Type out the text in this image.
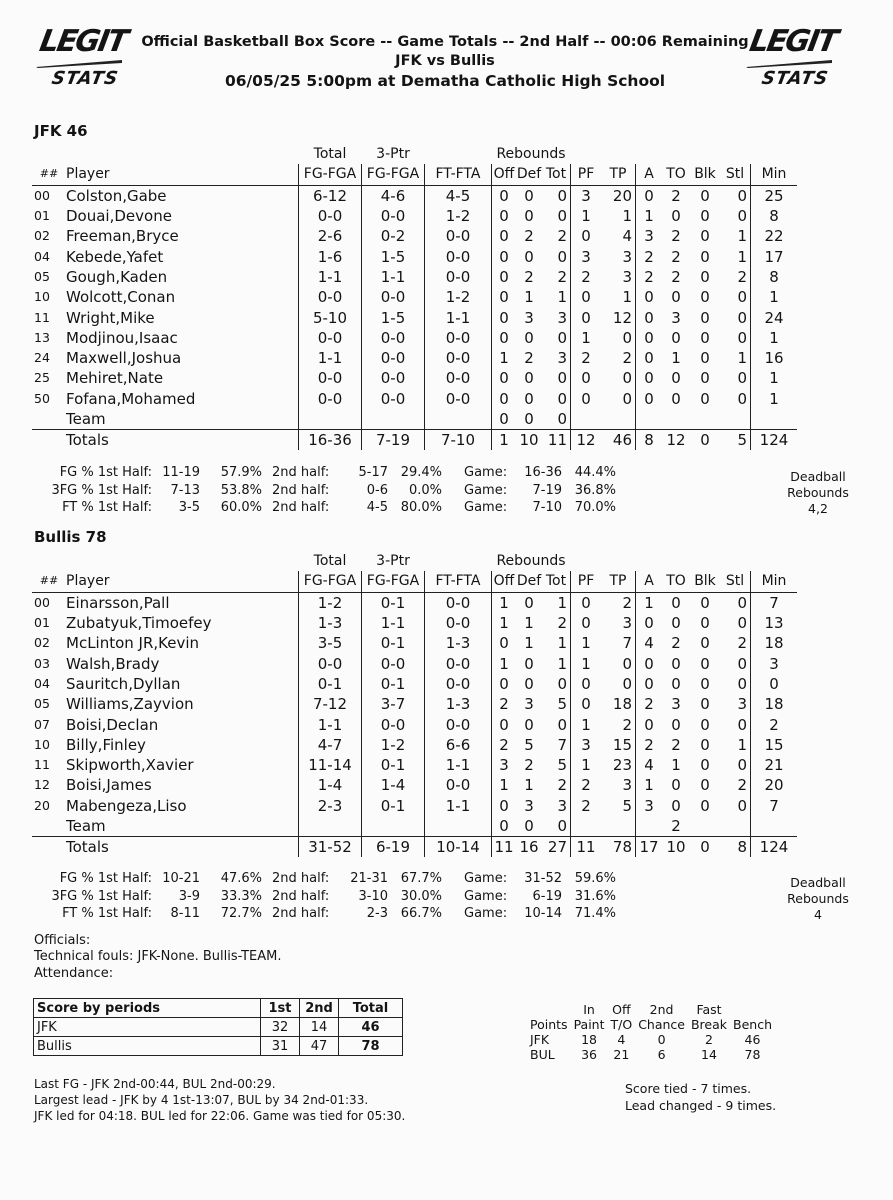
LEGIT
STATS
LEGIT
STATS
Official Basketball Box Score -- Game Totals -- 2nd Half -- 00:06 Remaining
JFK vs Bullis
06/05/25 5:00pm at Dematha Catholic High School
JFK 46
		Total	3-Ptr		Rebounds									
##	Player	FG-FGA	FG-FGA	FT-FTA	Off	Def	Tot	PF	TP	A	TO	Blk	Stl	Min
00	Colston,Gabe	6-12	4-6	4-5	0	0	0	3	20	0	2	0	0	25
01	Douai,Devone	0-0	0-0	1-2	0	0	0	1	1	1	0	0	0	8
02	Freeman,Bryce	2-6	0-2	0-0	0	2	2	0	4	3	2	0	1	22
04	Kebede,Yafet	1-6	1-5	0-0	0	0	0	3	3	2	2	0	1	17
05	Gough,Kaden	1-1	1-1	0-0	0	2	2	2	3	2	2	0	2	8
10	Wolcott,Conan	0-0	0-0	1-2	0	1	1	0	1	0	0	0	0	1
11	Wright,Mike	5-10	1-5	1-1	0	3	3	0	12	0	3	0	0	24
13	Modjinou,Isaac	0-0	0-0	0-0	0	0	0	1	0	0	0	0	0	1
24	Maxwell,Joshua	1-1	0-0	0-0	1	2	3	2	2	0	1	0	1	16
25	Mehiret,Nate	0-0	0-0	0-0	0	0	0	0	0	0	0	0	0	1
50	Fofana,Mohamed	0-0	0-0	0-0	0	0	0	0	0	0	0	0	0	1
	Team				0	0	0							
	Totals	16-36	7-19	7-10	1	10	11	12	46	8	12	0	5	124
FG % 1st Half: 11-19	57.9% 2nd half:	5-17 29.4% Game:	16-36 44.4%
3FG % 1st Half:	7-13	53.8% 2nd half:	0-6	0.0% Game:	7-19 36.8%
FT % 1st Half:	3-5	60.0% 2nd half:	4-5 80.0% Game:	7-10 70.0%
Deadball
Rebounds
4,2
Bullis 78
		Total	3-Ptr		Rebounds									
##	Player	FG-FGA	FG-FGA	FT-FTA	Off	Def	Tot	PF	TP	A	TO	Blk	Stl	Min
00	Einarsson,Pall	1-2	0-1	0-0	1	0	1	0	2	1	0	0	0	7
01	Zubatyuk,Timoefey	1-3	1-1	0-0	1	1	2	0	3	0	0	0	0	13
02	McLinton JR,Kevin	3-5	0-1	1-3	0	1	1	1	7	4	2	0	2	18
03	Walsh,Brady	0-0	0-0	0-0	1	0	1	1	0	0	0	0	0	3
04	Sauritch,Dyllan	0-1	0-1	0-0	0	0	0	0	0	0	0	0	0	0
05	Williams,Zayvion	7-12	3-7	1-3	2	3	5	0	18	2	3	0	3	18
07	Boisi,Declan	1-1	0-0	0-0	0	0	0	1	2	0	0	0	0	2
10	Billy,Finley	4-7	1-2	6-6	2	5	7	3	15	2	2	0	1	15
11	Skipworth,Xavier	11-14	0-1	1-1	3	2	5	1	23	4	1	0	0	21
12	Boisi,James	1-4	1-4	0-0	1	1	2	2	3	1	0	0	2	20
20	Mabengeza,Liso	2-3	0-1	1-1	0	3	3	2	5	3	0	0	0	7
	Team				0	0	0				2			
	Totals	31-52	6-19	10-14	11	16	27	11	78	17	10	0	8	124
FG % 1st Half: 10-21	47.6% 2nd half:	21-31 67.7% Game:	31-52 59.6%
3FG % 1st Half:	3-9	33.3% 2nd half:	3-10 30.0% Game:	6-19 31.6%
FT % 1st Half:	8-11	72.7% 2nd half:	2-3 66.7% Game:	10-14 71.4%
Deadball
Rebounds
4
Officials:
Technical fouls: JFK-None. Bullis-TEAM.
Attendance:
Score by periods	1st	2nd	Total
JFK	32	14	46
Bullis	31	47	78
	In	Off	2nd	Fast	
Points	Paint	T/O	Chance	Break	Bench
JFK	18	4	0	2	46
BUL	36	21	6	14	78
Last FG - JFK 2nd-00:44, BUL 2nd-00:29.
Largest lead - JFK by 4 1st-13:07, BUL by 34 2nd-01:33.
JFK led for 04:18. BUL led for 22:06. Game was tied for 05:30.
Score tied - 7 times.
Lead changed - 9 times.
